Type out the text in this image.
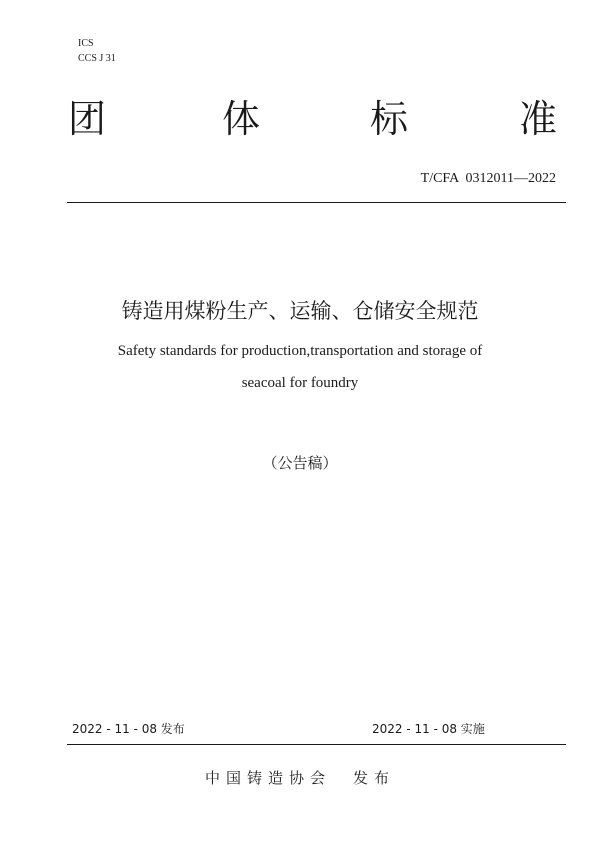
ICS
CCS J 31
团	体	标	准
T/CFA  0312011—2022
铸造用煤粉生产、运输、仓储安全规范
Safety standards for production,transportation and storage of
seacoal for foundry
（公告稿）
2022 - 11 - 08 发布	2022 - 11 - 08 实施
中国铸造协会 发布
